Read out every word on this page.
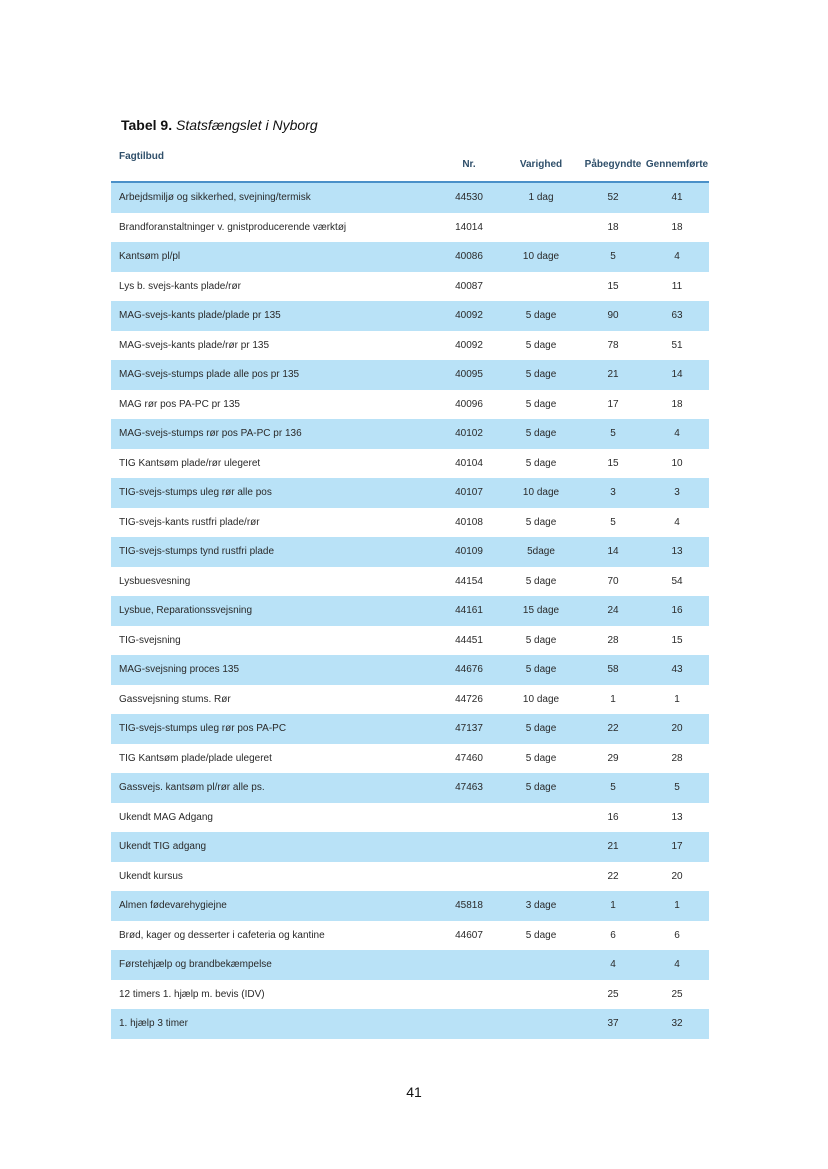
Tabel 9. Statsfængslet i Nyborg
Fagtilbud	Nr.	Varighed	Påbegyndte	Gennemførte
Arbejdsmiljø og sikkerhed, svejning/termisk	44530	1 dag	52	41
Brandforanstaltninger v. gnistproducerende værktøj	14014		18	18
Kantsøm pl/pl	40086	10 dage	5	4
Lys b. svejs-kants plade/rør	40087		15	11
MAG-svejs-kants plade/plade pr 135	40092	5 dage	90	63
MAG-svejs-kants plade/rør pr 135	40092	5 dage	78	51
MAG-svejs-stumps plade alle pos pr 135	40095	5 dage	21	14
MAG rør pos PA-PC pr 135	40096	5 dage	17	18
MAG-svejs-stumps rør pos PA-PC pr 136	40102	5 dage	5	4
TIG Kantsøm plade/rør ulegeret	40104	5 dage	15	10
TIG-svejs-stumps uleg rør alle pos	40107	10 dage	3	3
TIG-svejs-kants rustfri plade/rør	40108	5 dage	5	4
TIG-svejs-stumps tynd rustfri plade	40109	5dage	14	13
Lysbuesvesning	44154	5 dage	70	54
Lysbue, Reparationssvejsning	44161	15 dage	24	16
TIG-svejsning	44451	5 dage	28	15
MAG-svejsning proces 135	44676	5 dage	58	43
Gassvejsning stums. Rør	44726	10 dage	1	1
TIG-svejs-stumps uleg rør pos PA-PC	47137	5 dage	22	20
TIG Kantsøm plade/plade ulegeret	47460	5 dage	29	28
Gassvejs. kantsøm pl/rør alle ps.	47463	5 dage	5	5
Ukendt MAG Adgang			16	13
Ukendt TIG adgang			21	17
Ukendt kursus			22	20
Almen fødevarehygiejne	45818	3 dage	1	1
Brød, kager og desserter i cafeteria og kantine	44607	5 dage	6	6
Førstehjælp og brandbekæmpelse			4	4
12 timers 1. hjælp m. bevis (IDV)			25	25
1. hjælp 3 timer			37	32
41
